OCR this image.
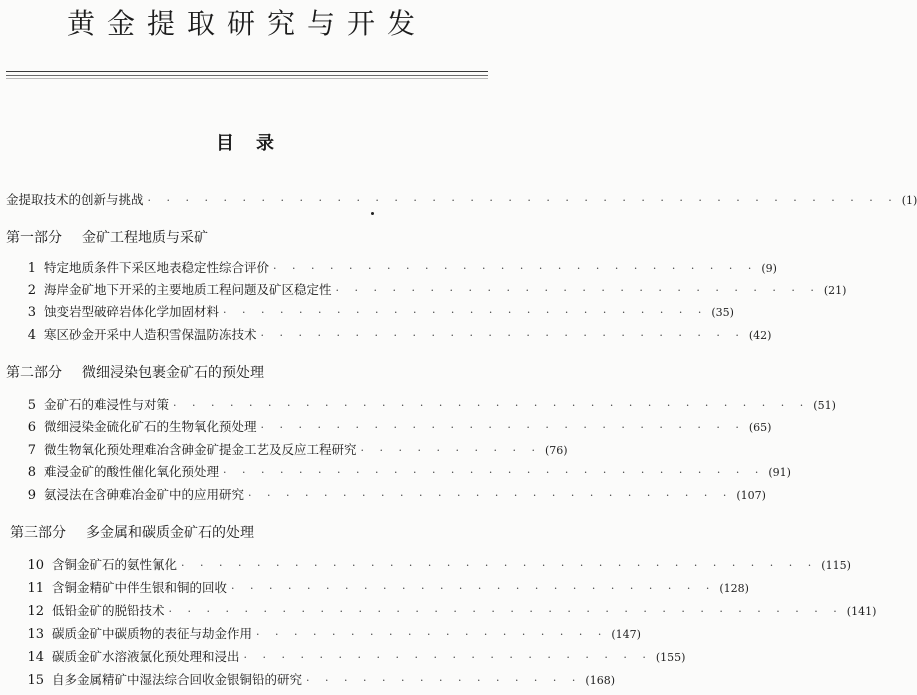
黄金提取研究与开发
目录
金提取技术的创新与挑战 · · · · · · · · · · · · · · · · · · · · · · · · · · · · · · · · · · · · · · · · (1)
第一部分 金矿工程地质与采矿
1 特定地质条件下采区地表稳定性综合评价 · · · · · · · · · · · · · · · · · · · · · · · · · · (9)
2 海岸金矿地下开采的主要地质工程问题及矿区稳定性 · · · · · · · · · · · · · · · · · · · · · · · · · · (21)
3 蚀变岩型破碎岩体化学加固材料 · · · · · · · · · · · · · · · · · · · · · · · · · · (35)
4 寒区砂金开采中人造积雪保温防冻技术 · · · · · · · · · · · · · · · · · · · · · · · · · · (42)
第二部分 微细浸染包裹金矿石的预处理
5 金矿石的难浸性与对策 · · · · · · · · · · · · · · · · · · · · · · · · · · · · · · · · · · (51)
6 微细浸染金硫化矿石的生物氧化预处理 · · · · · · · · · · · · · · · · · · · · · · · · · · (65)
7 微生物氧化预处理难冶含砷金矿提金工艺及反应工程研究 · · · · · · · · · · (76)
8 难浸金矿的酸性催化氧化预处理 · · · · · · · · · · · · · · · · · · · · · · · · · · · · · (91)
9 氨浸法在含砷难冶金矿中的应用研究 · · · · · · · · · · · · · · · · · · · · · · · · · · (107)
第三部分 多金属和碳质金矿石的处理
10 含铜金矿石的氨性氰化 · · · · · · · · · · · · · · · · · · · · · · · · · · · · · · · · · · (115)
11 含铜金精矿中伴生银和铜的回收 · · · · · · · · · · · · · · · · · · · · · · · · · · (128)
12 低铅金矿的脱铅技术 · · · · · · · · · · · · · · · · · · · · · · · · · · · · · · · · · · · · (141)
13 碳质金矿中碳质物的表征与劫金作用 · · · · · · · · · · · · · · · · · · · (147)
14 碳质金矿水溶液氯化预处理和浸出 · · · · · · · · · · · · · · · · · · · · · · (155)
15 自多金属精矿中湿法综合回收金银铜铅的研究 · · · · · · · · · · · · · · · (168)
